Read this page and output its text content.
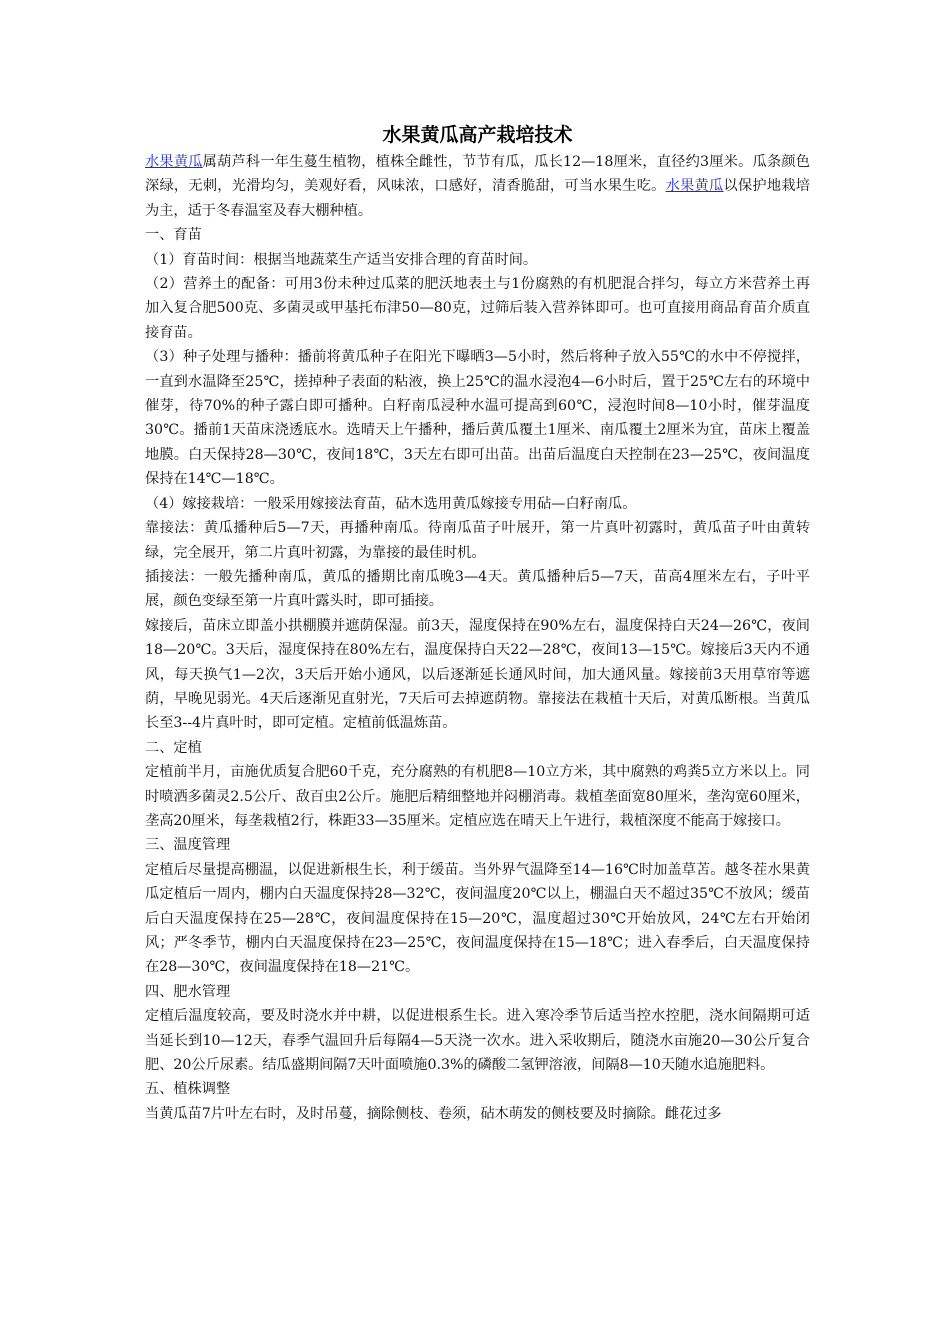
水果黄瓜高产栽培技术

水果黄瓜属葫芦科一年生蔓生植物，植株全雌性，节节有瓜，瓜长12—18厘米，直径约3厘米。瓜条颜色深绿，无刺，光滑均匀，美观好看，风味浓，口感好，清香脆甜，可当水果生吃。水果黄瓜以保护地栽培为主，适于冬春温室及春大棚种植。

一、育苗

（1）育苗时间：根据当地蔬菜生产适当安排合理的育苗时间。

（2）营养土的配备：可用3份未种过瓜菜的肥沃地表土与1份腐熟的有机肥混合拌匀，每立方米营养土再加入复合肥500克、多菌灵或甲基托布津50—80克，过筛后装入营养钵即可。也可直接用商品育苗介质直接育苗。

（3）种子处理与播种：播前将黄瓜种子在阳光下曝晒3—5小时，然后将种子放入55℃的水中不停搅拌，一直到水温降至25℃，搓掉种子表面的粘液，换上25℃的温水浸泡4—6小时后，置于25℃左右的环境中催芽，待70%的种子露白即可播种。白籽南瓜浸种水温可提高到60℃，浸泡时间8—10小时，催芽温度30℃。播前1天苗床浇透底水。选晴天上午播种，播后黄瓜覆土1厘米、南瓜覆土2厘米为宜，苗床上覆盖地膜。白天保持28—30℃，夜间18℃，3天左右即可出苗。出苗后温度白天控制在23—25℃，夜间温度保持在14℃—18℃。

（4）嫁接栽培：一般采用嫁接法育苗，砧木选用黄瓜嫁接专用砧—白籽南瓜。

靠接法：黄瓜播种后5—7天，再播种南瓜。待南瓜苗子叶展开，第一片真叶初露时，黄瓜苗子叶由黄转绿，完全展开，第二片真叶初露，为靠接的最佳时机。

插接法：一般先播种南瓜，黄瓜的播期比南瓜晚3—4天。黄瓜播种后5—7天，苗高4厘米左右，子叶平展，颜色变绿至第一片真叶露头时，即可插接。

嫁接后，苗床立即盖小拱棚膜并遮荫保湿。前3天，湿度保持在90%左右，温度保持白天24—26℃，夜间18—20℃。3天后，湿度保持在80%左右，温度保持白天22—28℃，夜间13—15℃。嫁接后3天内不通风，每天换气1—2次，3天后开始小通风，以后逐渐延长通风时间，加大通风量。嫁接前3天用草帘等遮荫，早晚见弱光。4天后逐渐见直射光，7天后可去掉遮荫物。靠接法在栽植十天后，对黄瓜断根。当黄瓜长至3--4片真叶时，即可定植。定植前低温炼苗。

二、定植

定植前半月，亩施优质复合肥60千克，充分腐熟的有机肥8—10立方米，其中腐熟的鸡粪5立方米以上。同时喷洒多菌灵2.5公斤、敌百虫2公斤。施肥后精细整地并闷棚消毒。栽植垄面宽80厘米，垄沟宽60厘米，垄高20厘米，每垄栽植2行，株距33—35厘米。定植应选在晴天上午进行，栽植深度不能高于嫁接口。

三、温度管理

定植后尽量提高棚温，以促进新根生长，利于缓苗。当外界气温降至14—16℃时加盖草苫。越冬茬水果黄瓜定植后一周内，棚内白天温度保持28—32℃，夜间温度20℃以上，棚温白天不超过35℃不放风；缓苗后白天温度保持在25—28℃，夜间温度保持在15—20℃，温度超过30℃开始放风，24℃左右开始闭风；严冬季节，棚内白天温度保持在23—25℃，夜间温度保持在15—18℃；进入春季后，白天温度保持在28—30℃，夜间温度保持在18—21℃。

四、肥水管理

定植后温度较高，要及时浇水并中耕，以促进根系生长。进入寒冷季节后适当控水控肥，浇水间隔期可适当延长到10—12天，春季气温回升后每隔4—5天浇一次水。进入采收期后，随浇水亩施20—30公斤复合肥、20公斤尿素。结瓜盛期间隔7天叶面喷施0.3%的磷酸二氢钾溶液，间隔8—10天随水追施肥料。

五、植株调整

当黄瓜苗7片叶左右时，及时吊蔓，摘除侧枝、卷须，砧木萌发的侧枝要及时摘除。雌花过多
